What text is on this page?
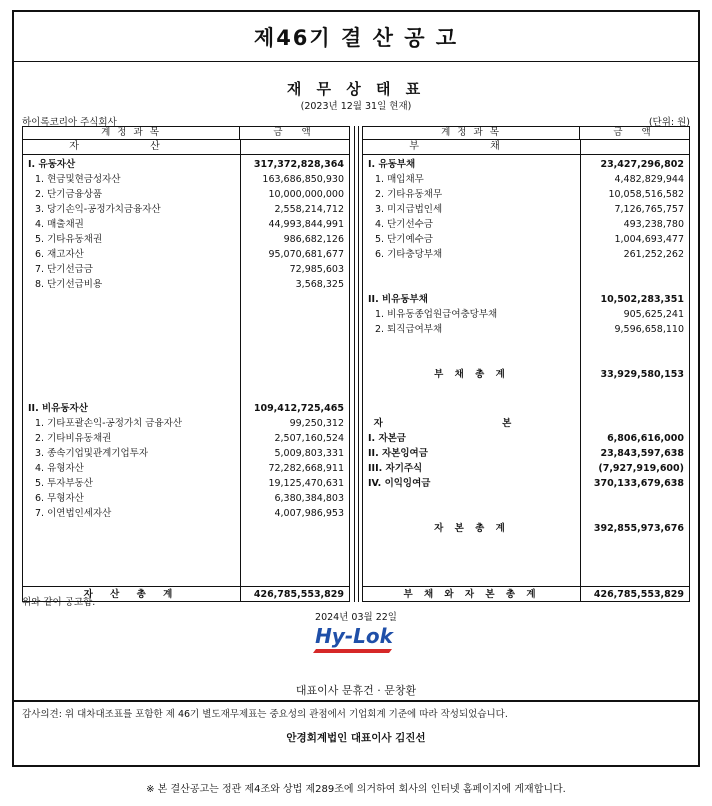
제46기 결 산 공 고
재 무 상 태 표
(2023년 12월 31일 현재)
하이록코리아 주식회사	(단위: 원)
계 정 과 목	금 액
자 산
I. 유동자산	317,372,828,364
1. 현금및현금성자산	163,686,850,930
2. 단기금융상품	10,000,000,000
3. 당기손익-공정가치금융자산	2,558,214,712
4. 매출채권	44,993,844,991
5. 기타유동채권	986,682,126
6. 재고자산	95,070,681,677
7. 단기선급금	72,985,603
8. 단기선급비용	3,568,325
II. 비유동자산	109,412,725,465
1. 기타포괄손익-공정가치 금융자산	99,250,312
2. 기타비유동채권	2,507,160,524
3. 종속기업및관계기업투자	5,009,803,331
4. 유형자산	72,282,668,911
5. 투자부동산	19,125,470,631
6. 무형자산	6,380,384,803
7. 이연법인세자산	4,007,986,953
자 산 총 계	426,785,553,829
계 정 과 목	금 액
부 채
I. 유동부채	23,427,296,802
1. 매입채무	4,482,829,944
2. 기타유동채무	10,058,516,582
3. 미지급법인세	7,126,765,757
4. 단기선수금	493,238,780
5. 단기예수금	1,004,693,477
6. 기타충당부채	261,252,262
II. 비유동부채	10,502,283,351
1. 비유동종업원급여충당부채	905,625,241
2. 퇴직급여부채	9,596,658,110
부 채 총 계	33,929,580,153
자 본
I. 자본금	6,806,616,000
II. 자본잉여금	23,843,597,638
III. 자기주식	(7,927,919,600)
IV. 이익잉여금	370,133,679,638
자 본 총 계	392,855,973,676
부 채 와 자 본 총 계	426,785,553,829
위와 같이 공고함.
2024년 03월 22일
Hy-Lok
대표이사 문휴건 · 문창환
감사의견: 위 대차대조표를 포함한 제 46기 별도재무제표는 중요성의 관점에서 기업회계 기준에 따라 작성되었습니다.
안경회계법인 대표이사 김진선
※ 본 결산공고는 정관 제4조와 상법 제289조에 의거하여 회사의 인터넷 홈페이지에 게재합니다.
